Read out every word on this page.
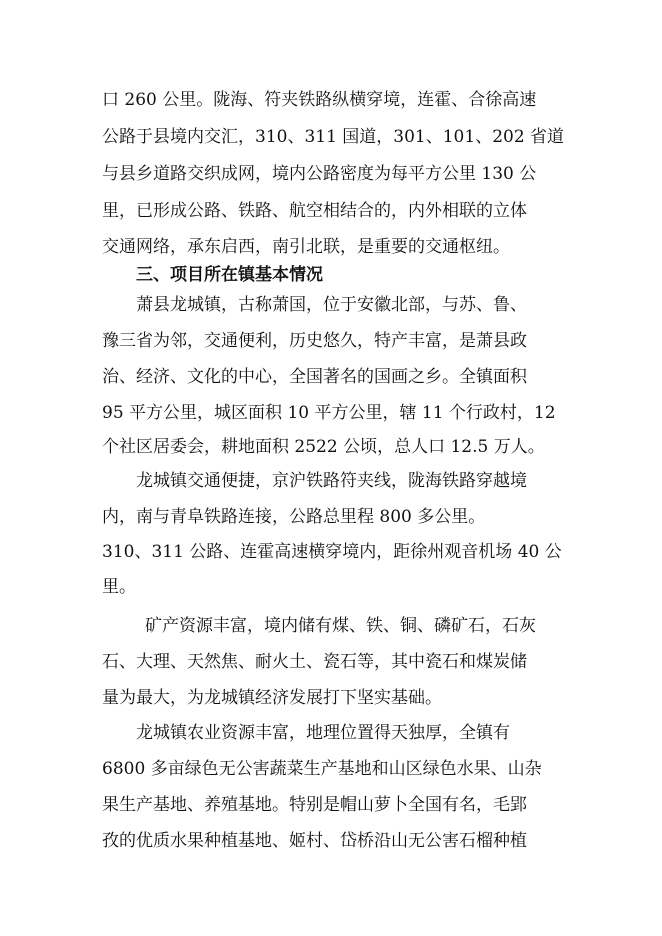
口 260 公里。陇海、符夹铁路纵横穿境，连霍、合徐高速
公路于县境内交汇，310、311 国道，301、101、202 省道
与县乡道路交织成网，境内公路密度为每平方公里 130 公
里，已形成公路、铁路、航空相结合的，内外相联的立体
交通网络，承东启西，南引北联，是重要的交通枢纽。
三、项目所在镇基本情况
萧县龙城镇，古称萧国，位于安徽北部，与苏、鲁、
豫三省为邻，交通便利，历史悠久，特产丰富，是萧县政
治、经济、文化的中心，全国著名的国画之乡。全镇面积
95 平方公里，城区面积 10 平方公里，辖 11 个行政村，12
个社区居委会，耕地面积 2522 公顷，总人口 12.5 万人。
龙城镇交通便捷，京沪铁路符夹线，陇海铁路穿越境
内，南与青阜铁路连接，公路总里程 800 多公里。
310、311 公路、连霍高速横穿境内，距徐州观音机场 40 公
里。
矿产资源丰富，境内储有煤、铁、铜、磷矿石，石灰
石、大理、天然焦、耐火土、瓷石等，其中瓷石和煤炭储
量为最大，为龙城镇经济发展打下坚实基础。
龙城镇农业资源丰富，地理位置得天独厚，全镇有
6800 多亩绿色无公害蔬菜生产基地和山区绿色水果、山杂
果生产基地、养殖基地。特别是帽山萝卜全国有名，毛郢
孜的优质水果种植基地、姬村、岱桥沿山无公害石榴种植
